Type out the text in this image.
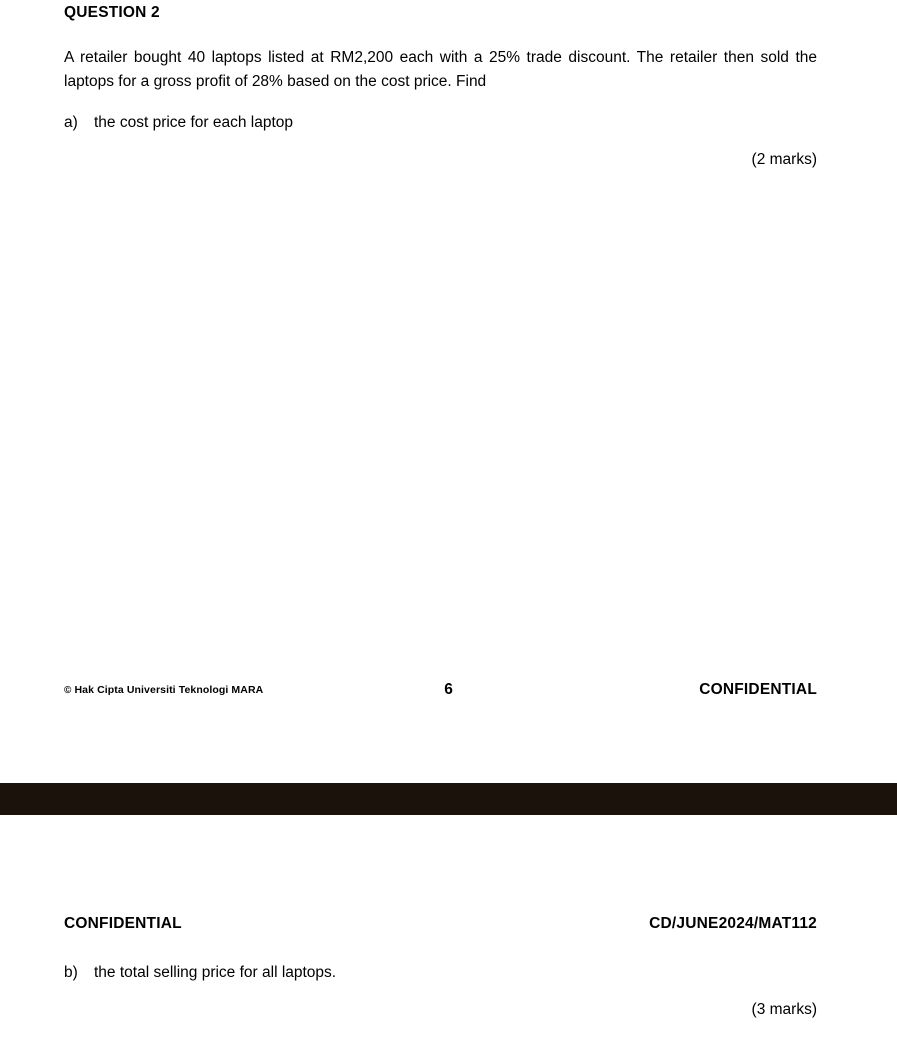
QUESTION 2

A retailer bought 40 laptops listed at RM2,200 each with a 25% trade discount. The retailer then sold the laptops for a gross profit of 28% based on the cost price. Find

a)	the cost price for each laptop
(2 marks)
© Hak Cipta Universiti Teknologi MARA	6	CONFIDENTIAL
CONFIDENTIAL	CD/JUNE2024/MAT112
b)	the total selling price for all laptops.
(3 marks)
